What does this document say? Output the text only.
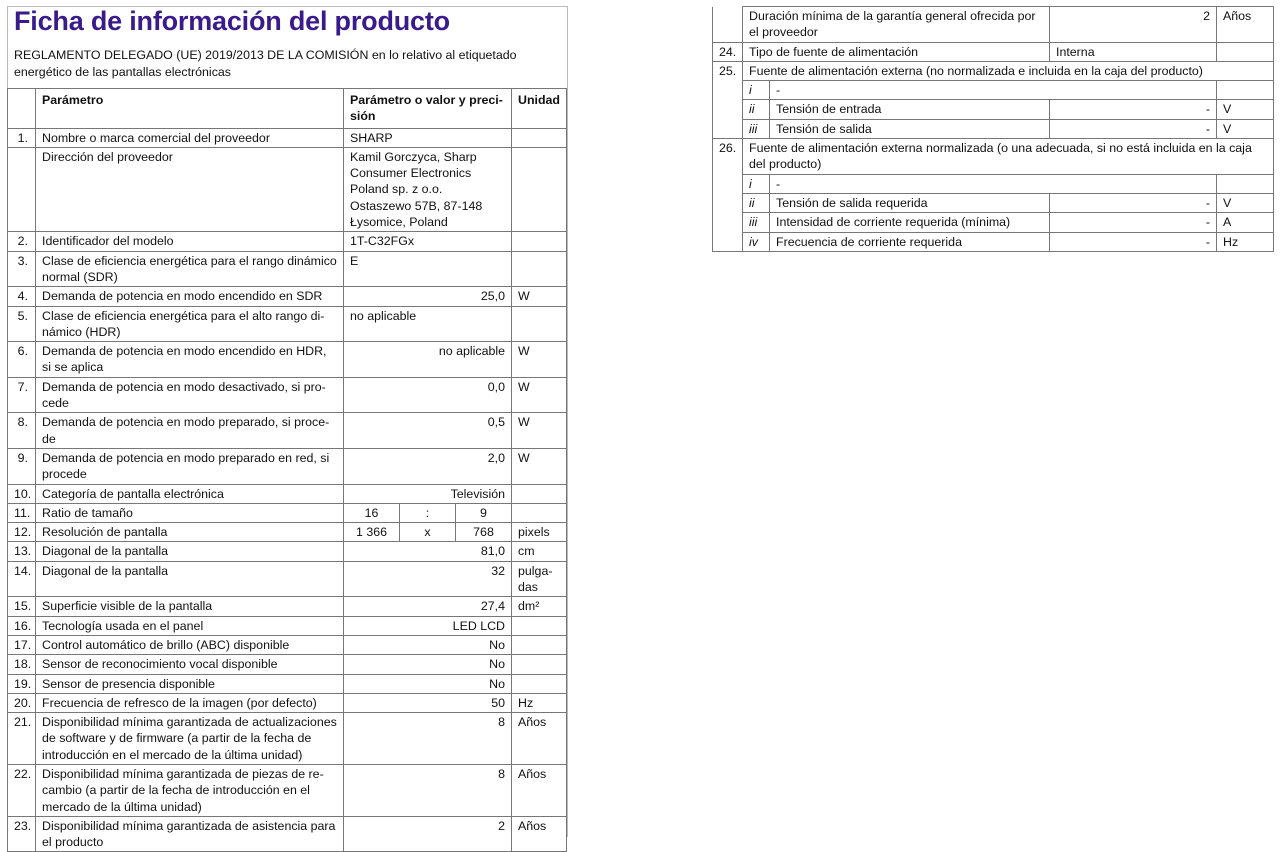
Ficha de información del producto
REGLAMENTO DELEGADO (UE) 2019/2013 DE LA COMISIÓN en lo relativo al etiquetado energético de las pantallas electrónicas
	Parámetro	Parámetro o valor y precisión			Unidad
1.	Nombre o marca comercial del proveedor	SHARP			
	Dirección del proveedor	Kamil Gorczyca, Sharp Consumer Electronics Poland sp. z o.o. Ostaszewo 57B, 87-148 Łysomice, Poland			
2.	Identificador del modelo	1T-C32FGx			
3.	Clase de eficiencia energética para el rango dinámico normal (SDR)	E			
4.	Demanda de potencia en modo encendido en SDR	25,0			W
5.	Clase de eficiencia energética para el alto rango dinámico (HDR)	no aplicable			
6.	Demanda de potencia en modo encendido en HDR, si se aplica	no aplicable			W
7.	Demanda de potencia en modo desactivado, si procede	0,0			W
8.	Demanda de potencia en modo preparado, si procede	0,5			W
9.	Demanda de potencia en modo preparado en red, si procede	2,0			W
10.	Categoría de pantalla electrónica	Televisión			
11.	Ratio de tamaño	16	:	9	
12.	Resolución de pantalla	1 366	x	768	pixels
13.	Diagonal de la pantalla	81,0			cm
14.	Diagonal de la pantalla	32			pulgadas
15.	Superficie visible de la pantalla	27,4			dm²
16.	Tecnología usada en el panel	LED LCD			
17.	Control automático de brillo (ABC) disponible	No			
18.	Sensor de reconocimiento vocal disponible	No			
19.	Sensor de presencia disponible	No			
20.	Frecuencia de refresco de la imagen (por defecto)	50			Hz
21.	Disponibilidad mínima garantizada de actualizaciones de software y de firmware (a partir de la fecha de introducción en el mercado de la última unidad)	8			Años
22.	Disponibilidad mínima garantizada de piezas de recambio (a partir de la fecha de introducción en el mercado de la última unidad)	8			Años
23.	Disponibilidad mínima garantizada de asistencia para el producto	2			Años
	Duración mínima de la garantía general ofrecida por el proveedor		2	Años
24.	Tipo de fuente de alimentación		Interna	
25.	Fuente de alimentación externa (no normalizada e incluida en la caja del producto)			
	i	-		
	ii	Tensión de entrada	-	V
	iii	Tensión de salida	-	V
26.	Fuente de alimentación externa normalizada (o una adecuada, si no está incluida en la caja del producto)			
	i	-		
	ii	Tensión de salida requerida	-	V
	iii	Intensidad de corriente requerida (mínima)	-	A
	iv	Frecuencia de corriente requerida	-	Hz
